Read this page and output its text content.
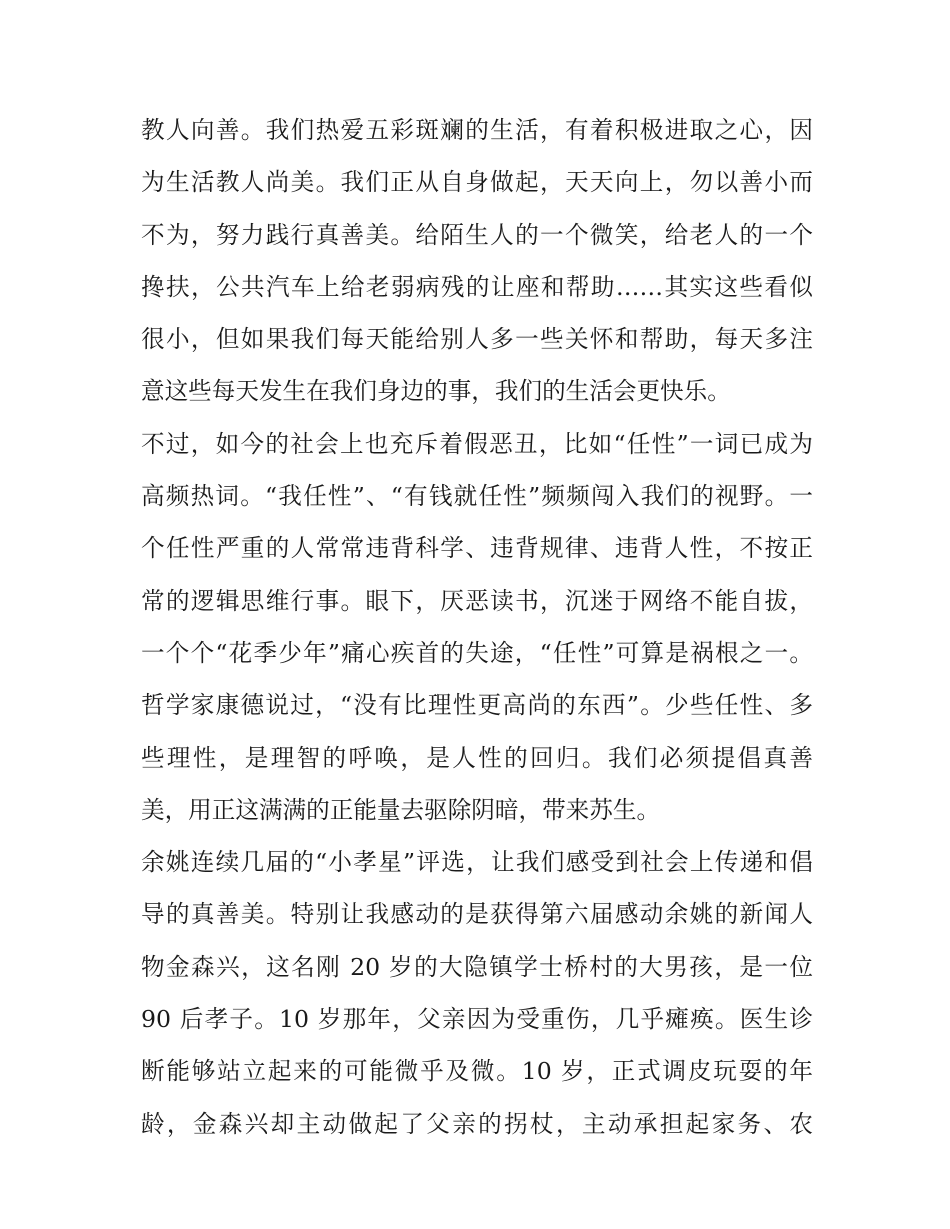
教人向善。我们热爱五彩斑斓的生活，有着积极进取之心，因
为生活教人尚美。我们正从自身做起，天天向上，勿以善小而
不为，努力践行真善美。给陌生人的一个微笑，给老人的一个
搀扶，公共汽车上给老弱病残的让座和帮助……其实这些看似
很小，但如果我们每天能给别人多一些关怀和帮助，每天多注
意这些每天发生在我们身边的事，我们的生活会更快乐。
不过，如今的社会上也充斥着假恶丑，比如“任性”一词已成为
高频热词。“我任性”、“有钱就任性”频频闯入我们的视野。一
个任性严重的人常常违背科学、违背规律、违背人性，不按正
常的逻辑思维行事。眼下，厌恶读书，沉迷于网络不能自拔，
一个个“花季少年”痛心疾首的失途，“任性”可算是祸根之一。
哲学家康德说过，“没有比理性更高尚的东西”。少些任性、多
些理性，是理智的呼唤，是人性的回归。我们必须提倡真善
美，用正这满满的正能量去驱除阴暗，带来苏生。
余姚连续几届的“小孝星”评选，让我们感受到社会上传递和倡
导的真善美。特别让我感动的是获得第六届感动余姚的新闻人
物金森兴，这名刚 20 岁的大隐镇学士桥村的大男孩，是一位
90 后孝子。10 岁那年，父亲因为受重伤，几乎瘫痪。医生诊
断能够站立起来的可能微乎及微。10 岁，正式调皮玩耍的年
龄，金森兴却主动做起了父亲的拐杖，主动承担起家务、农
